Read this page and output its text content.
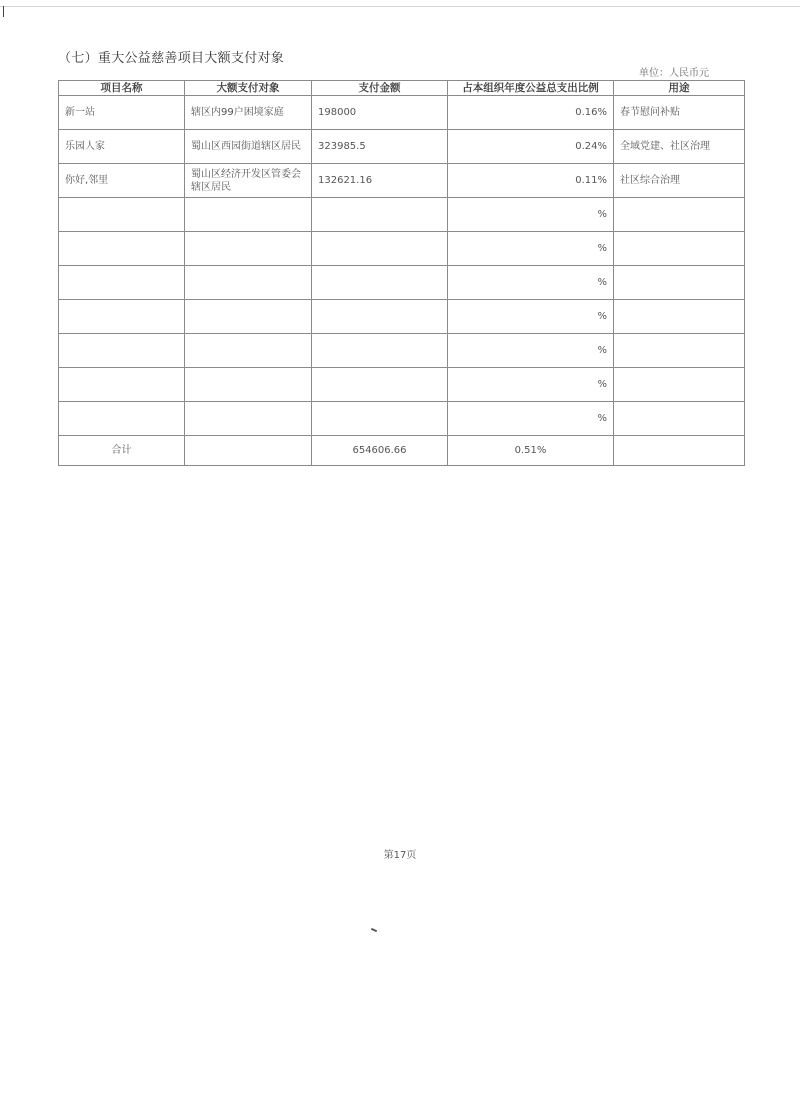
（七）重大公益慈善项目大额支付对象
单位：人民币元
项目名称	大额支付对象	支付金额	占本组织年度公益总支出比例	用途
新一站	辖区内99户困境家庭	198000	0.16%	春节慰问补贴
乐园人家	蜀山区西园街道辖区居民	323985.5	0.24%	全域党建、社区治理
你好,邻里	蜀山区经济开发区管委会辖区居民	132621.16	0.11%	社区综合治理
			%	
			%	
			%	
			%	
			%	
			%	
			%	
合计		654606.66	0.51%	
第17页
